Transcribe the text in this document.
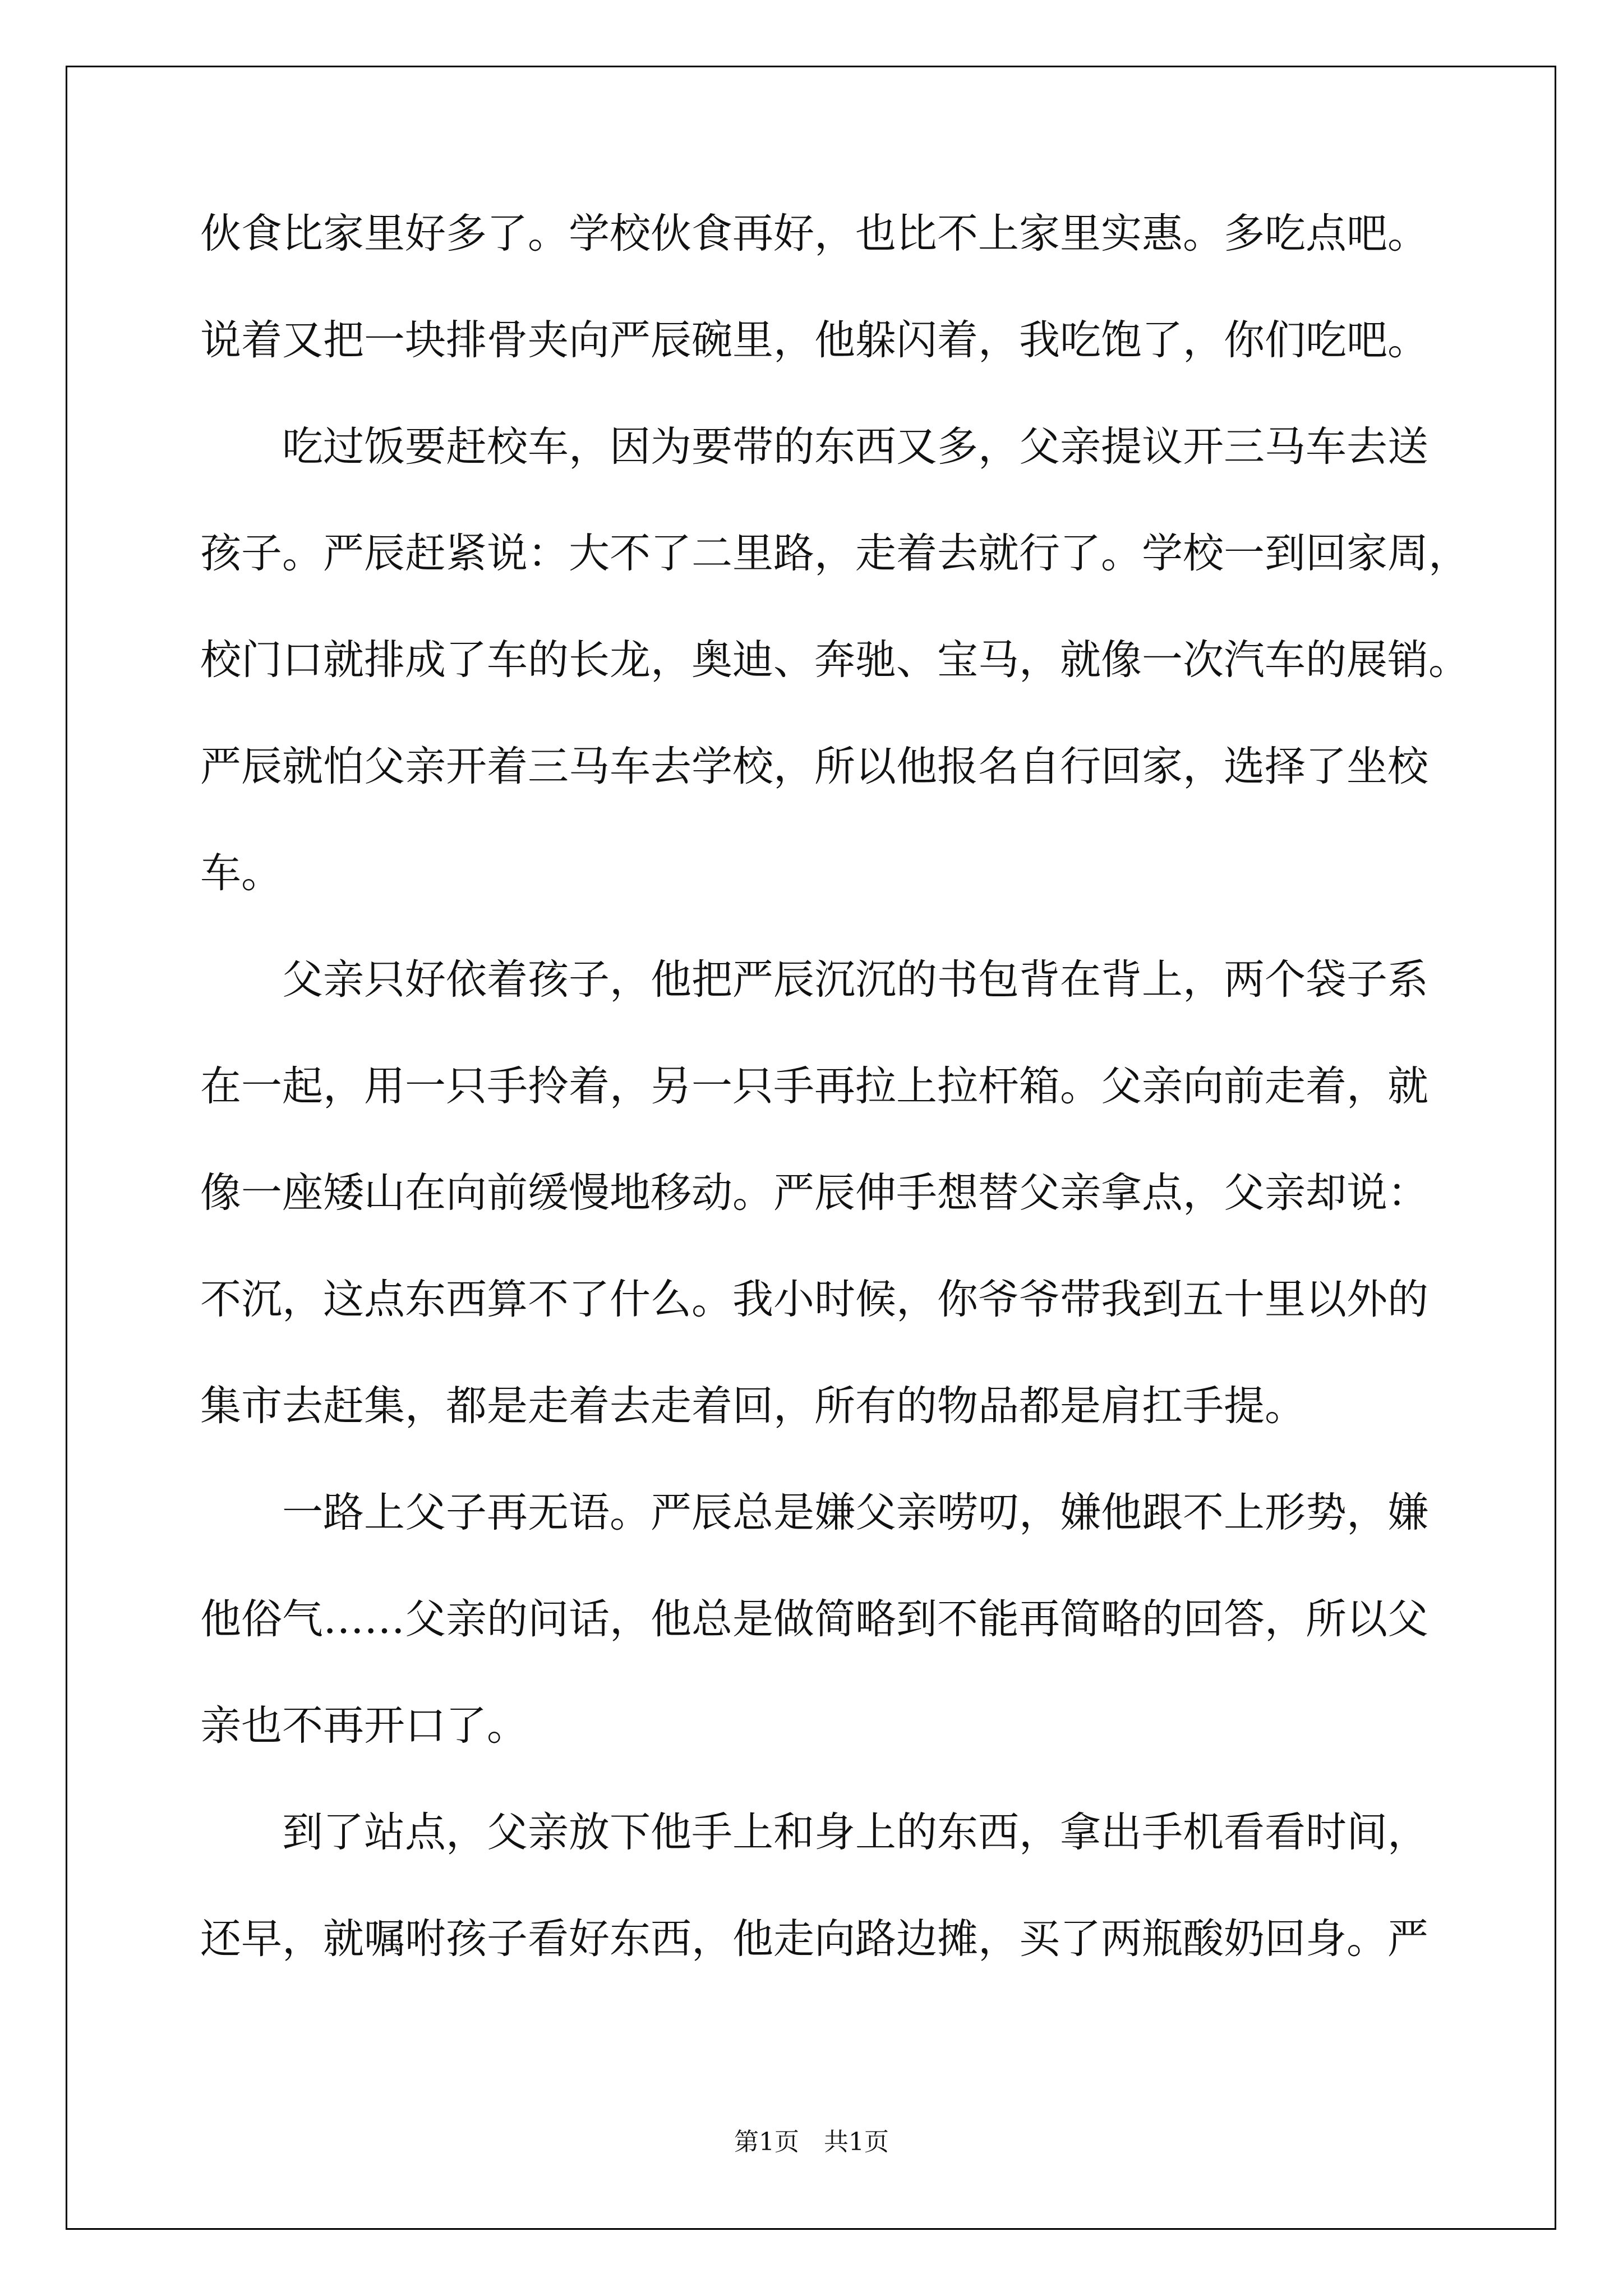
伙食比家里好多了。学校伙食再好，也比不上家里实惠。多吃点吧。

说着又把一块排骨夹向严辰碗里，他躲闪着，我吃饱了，你们吃吧。

　　吃过饭要赶校车，因为要带的东西又多，父亲提议开三马车去送

孩子。严辰赶紧说：大不了二里路，走着去就行了。学校一到回家周，

校门口就排成了车的长龙，奥迪、奔驰、宝马，就像一次汽车的展销。

严辰就怕父亲开着三马车去学校，所以他报名自行回家，选择了坐校

车。

　　父亲只好依着孩子，他把严辰沉沉的书包背在背上，两个袋子系

在一起，用一只手拎着，另一只手再拉上拉杆箱。父亲向前走着，就

像一座矮山在向前缓慢地移动。严辰伸手想替父亲拿点，父亲却说：

不沉，这点东西算不了什么。我小时候，你爷爷带我到五十里以外的

集市去赶集，都是走着去走着回，所有的物品都是肩扛手提。

　　一路上父子再无语。严辰总是嫌父亲唠叨，嫌他跟不上形势，嫌

他俗气……父亲的问话，他总是做简略到不能再简略的回答，所以父

亲也不再开口了。

　　到了站点，父亲放下他手上和身上的东西，拿出手机看看时间，

还早，就嘱咐孩子看好东西，他走向路边摊，买了两瓶酸奶回身。严

第1页　共1页
